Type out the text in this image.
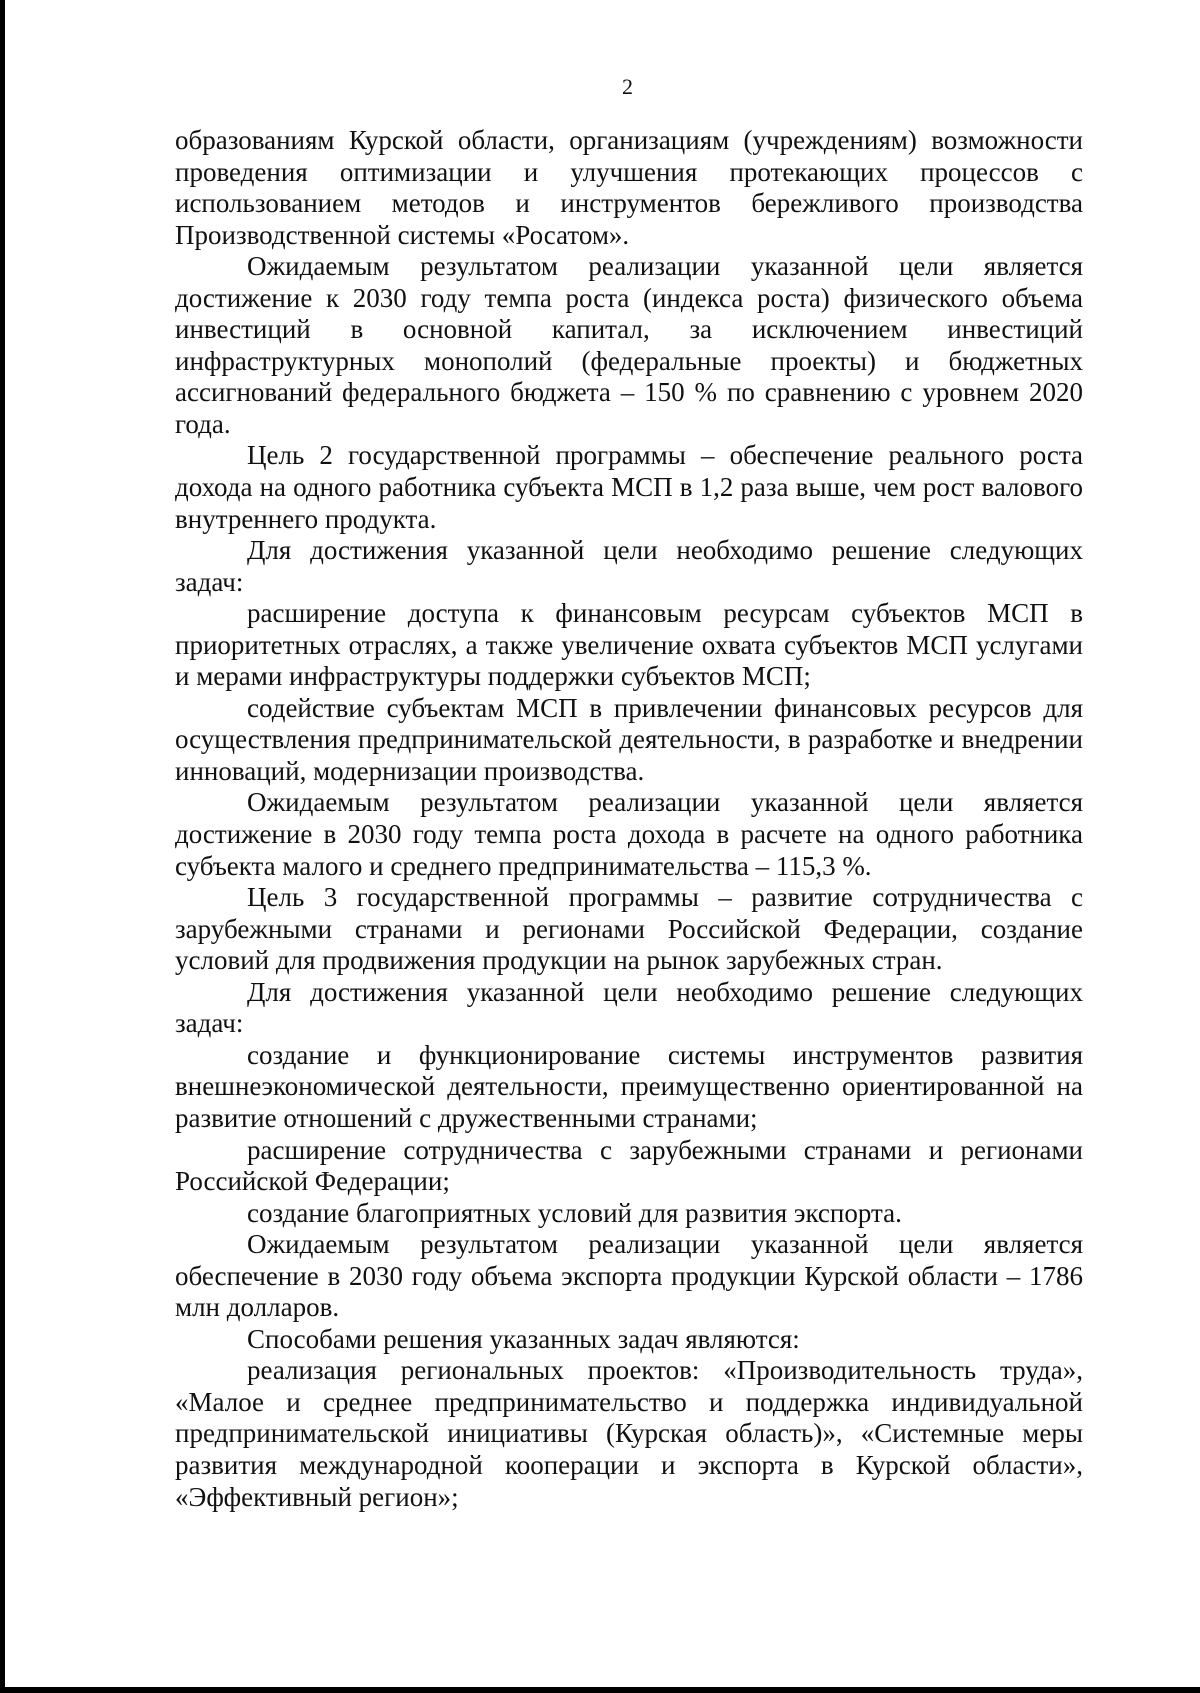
2

образованиям Курской области, организациям (учреждениям) возможности проведения оптимизации и улучшения протекающих процессов с использованием методов и инструментов бережливого производства Производственной системы «Росатом».

Ожидаемым результатом реализации указанной цели является достижение к 2030 году темпа роста (индекса роста) физического объема инвестиций в основной капитал, за исключением инвестиций инфраструктурных монополий (федеральные проекты) и бюджетных ассигнований федерального бюджета – 150 % по сравнению с уровнем 2020 года.

Цель 2 государственной программы – обеспечение реального роста дохода на одного работника субъекта МСП в 1,2 раза выше, чем рост валового внутреннего продукта.

Для достижения указанной цели необходимо решение следующих задач:

расширение доступа к финансовым ресурсам субъектов МСП в приоритетных отраслях, а также увеличение охвата субъектов МСП услугами и мерами инфраструктуры поддержки субъектов МСП;

содействие субъектам МСП в привлечении финансовых ресурсов для осуществления предпринимательской деятельности, в разработке и внедрении инноваций, модернизации производства.

Ожидаемым результатом реализации указанной цели является достижение в 2030 году темпа роста дохода в расчете на одного работника субъекта малого и среднего предпринимательства – 115,3 %.

Цель 3 государственной программы – развитие сотрудничества с зарубежными странами и регионами Российской Федерации, создание условий для продвижения продукции на рынок зарубежных стран.

Для достижения указанной цели необходимо решение следующих задач:

создание и функционирование системы инструментов развития внешнеэкономической деятельности, преимущественно ориентированной на развитие отношений с дружественными странами;

расширение сотрудничества с зарубежными странами и регионами Российской Федерации;

создание благоприятных условий для развития экспорта.

Ожидаемым результатом реализации указанной цели является обеспечение в 2030 году объема экспорта продукции Курской области – 1786 млн долларов.

Способами решения указанных задач являются:

реализация региональных проектов: «Производительность труда», «Малое и среднее предпринимательство и поддержка индивидуальной предпринимательской инициативы (Курская область)», «Системные меры развития международной кооперации и экспорта в Курской области», «Эффективный регион»;
